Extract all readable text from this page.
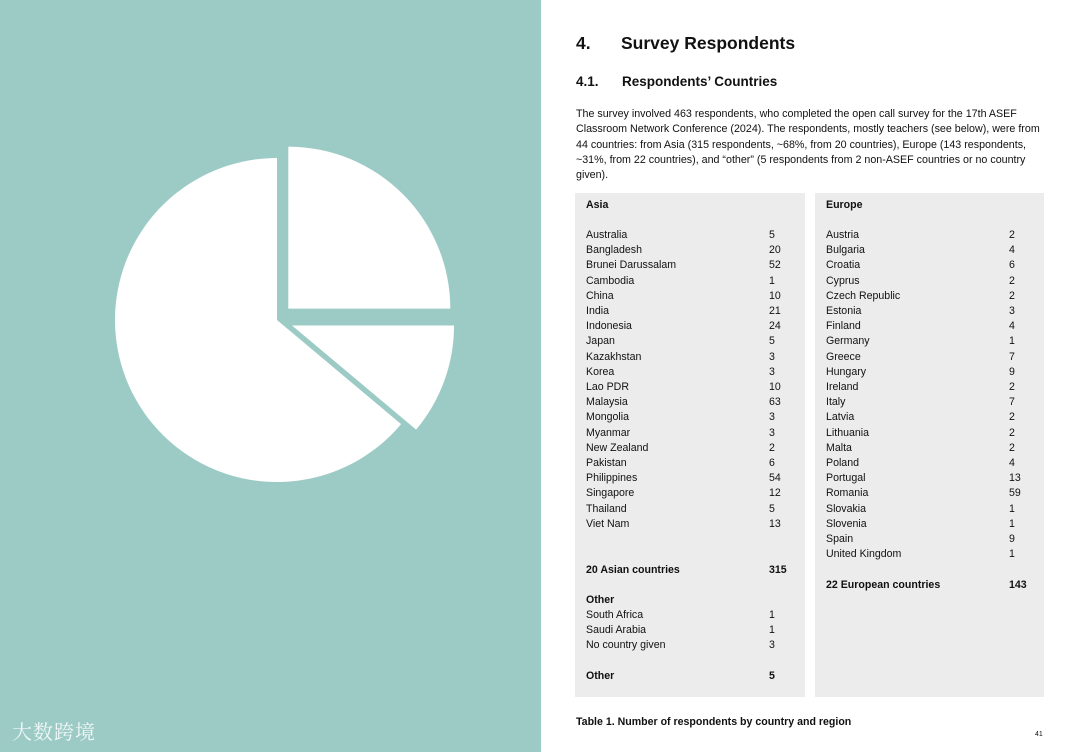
大数跨境
4. Survey Respondents
4.1. Respondents’ Countries
The survey involved 463 respondents, who completed the open call survey for the 17th ASEF Classroom Network Conference (2024). The respondents, mostly teachers (see below), were from 44 countries: from Asia (315 respondents, ~68%, from 20 countries), Europe (143 respondents, ~31%, from 22 countries), and “other” (5 respondents from 2 non-ASEF countries or no country given).
Asia
Australia	5
Bangladesh	20
Brunei Darussalam	52
Cambodia	1
China	10
India	21
Indonesia	24
Japan	5
Kazakhstan	3
Korea	3
Lao PDR	10
Malaysia	63
Mongolia	3
Myanmar	3
New Zealand	2
Pakistan	6
Philippines	54
Singapore	12
Thailand	5
Viet Nam	13
20 Asian countries	315
Other
South Africa	1
Saudi Arabia	1
No country given	3
Other	5
Europe
Austria	2
Bulgaria	4
Croatia	6
Cyprus	2
Czech Republic	2
Estonia	3
Finland	4
Germany	1
Greece	7
Hungary	9
Ireland	2
Italy	7
Latvia	2
Lithuania	2
Malta	2
Poland	4
Portugal	13
Romania	59
Slovakia	1
Slovenia	1
Spain	9
United Kingdom	1
22 European countries	143
Table 1. Number of respondents by country and region
41
